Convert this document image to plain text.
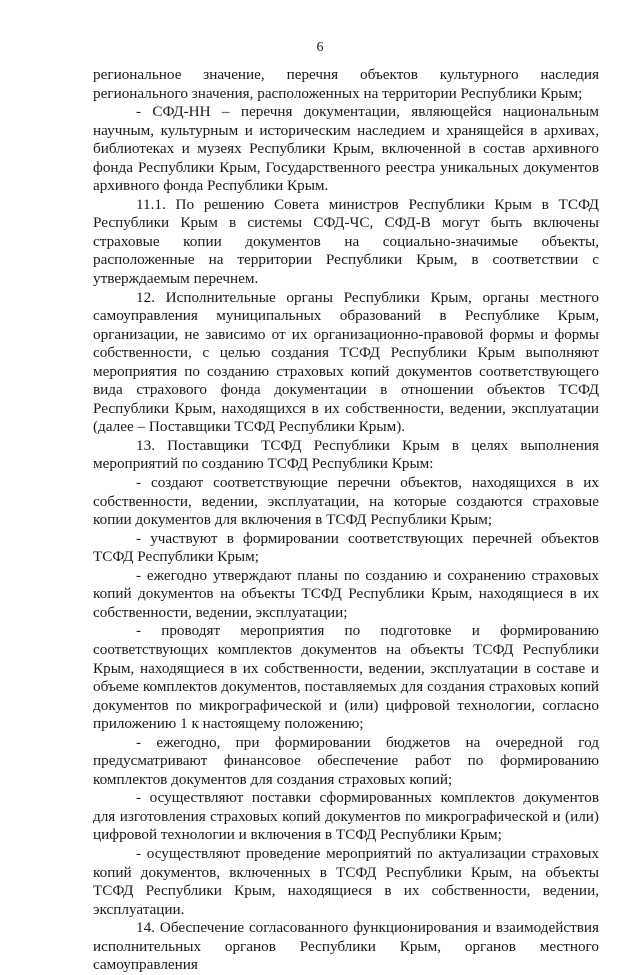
6

региональное значение, перечня объектов культурного наследия регионального значения, расположенных на территории Республики Крым;

- СФД-НН – перечня документации, являющейся национальным научным, культурным и историческим наследием и хранящейся в архивах, библиотеках и музеях Республики Крым, включенной в состав архивного фонда Республики Крым, Государственного реестра уникальных документов архивного фонда Республики Крым.

11.1. По решению Совета министров Республики Крым в ТСФД Республики Крым в системы СФД-ЧС, СФД-В могут быть включены страховые копии документов на социально-значимые объекты, расположенные на территории Республики Крым, в соответствии с утверждаемым перечнем.

12. Исполнительные органы Республики Крым, органы местного самоуправления муниципальных образований в Республике Крым, организации, не зависимо от их организационно-правовой формы и формы собственности, с целью создания ТСФД Республики Крым выполняют мероприятия по созданию страховых копий документов соответствующего вида страхового фонда документации в отношении объектов ТСФД Республики Крым, находящихся в их собственности, ведении, эксплуатации (далее – Поставщики ТСФД Республики Крым).

13. Поставщики ТСФД Республики Крым в целях выполнения мероприятий по созданию ТСФД Республики Крым:

- создают соответствующие перечни объектов, находящихся в их собственности, ведении, эксплуатации, на которые создаются страховые копии документов для включения в ТСФД Республики Крым;

- участвуют в формировании соответствующих перечней объектов ТСФД Республики Крым;

- ежегодно утверждают планы по созданию и сохранению страховых копий документов на объекты ТСФД Республики Крым, находящиеся в их собственности, ведении, эксплуатации;

- проводят мероприятия по подготовке и формированию соответствующих комплектов документов на объекты ТСФД Республики Крым, находящиеся в их собственности, ведении, эксплуатации в составе и объеме комплектов документов, поставляемых для создания страховых копий документов по микрографической и (или) цифровой технологии, согласно приложению 1 к настоящему положению;

- ежегодно, при формировании бюджетов на очередной год предусматривают финансовое обеспечение работ по формированию комплектов документов для создания страховых копий;

- осуществляют поставки сформированных комплектов документов для изготовления страховых копий документов по микрографической и (или) цифровой технологии и включения в ТСФД Республики Крым;

- осуществляют проведение мероприятий по актуализации страховых копий документов, включенных в ТСФД Республики Крым, на объекты ТСФД Республики Крым, находящиеся в их собственности, ведении, эксплуатации.

14. Обеспечение согласованного функционирования и взаимодействия исполнительных органов Республики Крым, органов местного самоуправления
